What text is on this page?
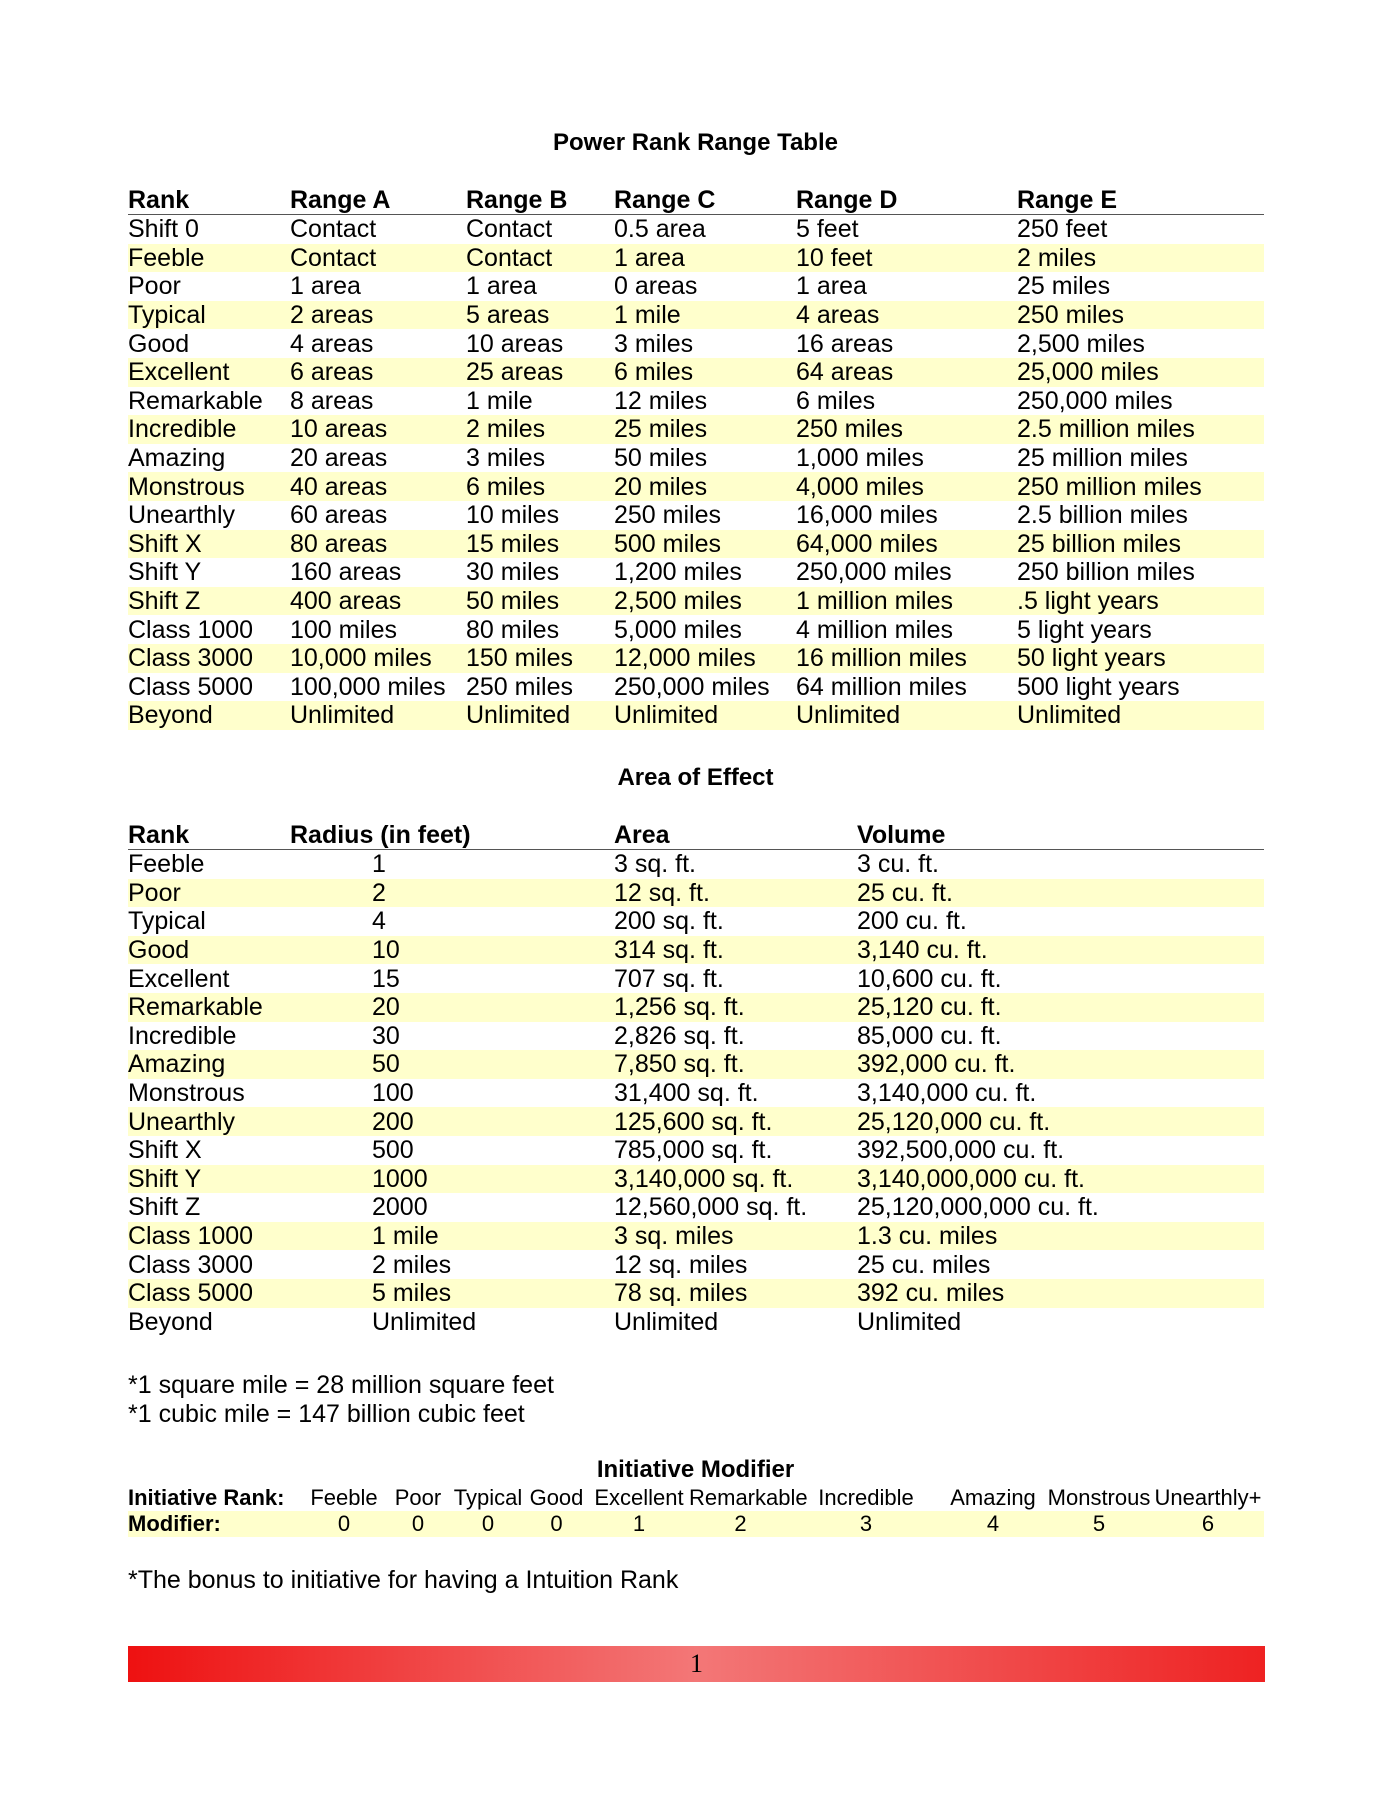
Power Rank Range Table
Rank	Range A	Range B	Range C	Range D	Range E
Shift 0	Contact	Contact	0.5 area	5 feet	250 feet
Feeble	Contact	Contact	1 area	10 feet	2 miles
Poor	1 area	1 area	0 areas	1 area	25 miles
Typical	2 areas	5 areas	1 mile	4 areas	250 miles
Good	4 areas	10 areas	3 miles	16 areas	2,500 miles
Excellent	6 areas	25 areas	6 miles	64 areas	25,000 miles
Remarkable	8 areas	1 mile	12 miles	6 miles	250,000 miles
Incredible	10 areas	2 miles	25 miles	250 miles	2.5 million miles
Amazing	20 areas	3 miles	50 miles	1,000 miles	25 million miles
Monstrous	40 areas	6 miles	20 miles	4,000 miles	250 million miles
Unearthly	60 areas	10 miles	250 miles	16,000 miles	2.5 billion miles
Shift X	80 areas	15 miles	500 miles	64,000 miles	25 billion miles
Shift Y	160 areas	30 miles	1,200 miles	250,000 miles	250 billion miles
Shift Z	400 areas	50 miles	2,500 miles	1 million miles	.5 light years
Class 1000	100 miles	80 miles	5,000 miles	4 million miles	5 light years
Class 3000	10,000 miles	150 miles	12,000 miles	16 million miles	50 light years
Class 5000	100,000 miles	250 miles	250,000 miles	64 million miles	500 light years
Beyond	Unlimited	Unlimited	Unlimited	Unlimited	Unlimited
Area of Effect
Rank	Radius (in feet)	Area	Volume
Feeble	1	3 sq. ft.	3 cu. ft.
Poor	2	12 sq. ft.	25 cu. ft.
Typical	4	200 sq. ft.	200 cu. ft.
Good	10	314 sq. ft.	3,140 cu. ft.
Excellent	15	707 sq. ft.	10,600 cu. ft.
Remarkable	20	1,256 sq. ft.	25,120 cu. ft.
Incredible	30	2,826 sq. ft.	85,000 cu. ft.
Amazing	50	7,850 sq. ft.	392,000 cu. ft.
Monstrous	100	31,400 sq. ft.	3,140,000 cu. ft.
Unearthly	200	125,600 sq. ft.	25,120,000 cu. ft.
Shift X	500	785,000 sq. ft.	392,500,000 cu. ft.
Shift Y	1000	3,140,000 sq. ft.	3,140,000,000 cu. ft.
Shift Z	2000	12,560,000 sq. ft.	25,120,000,000 cu. ft.
Class 1000	1 mile	3 sq. miles	1.3 cu. miles
Class 3000	2 miles	12 sq. miles	25 cu. miles
Class 5000	5 miles	78 sq. miles	392 cu. miles
Beyond	Unlimited	Unlimited	Unlimited
*1 square mile = 28 million square feet
*1 cubic mile = 147 billion cubic feet
Initiative Modifier
Initiative Rank:	Feeble	Poor	Typical	Good	Excellent	Remarkable	Incredible	Amazing	Monstrous	Unearthly+
Modifier:	0	0	0	0	1	2	3	4	5	6
*The bonus to initiative for having a Intuition Rank
1
